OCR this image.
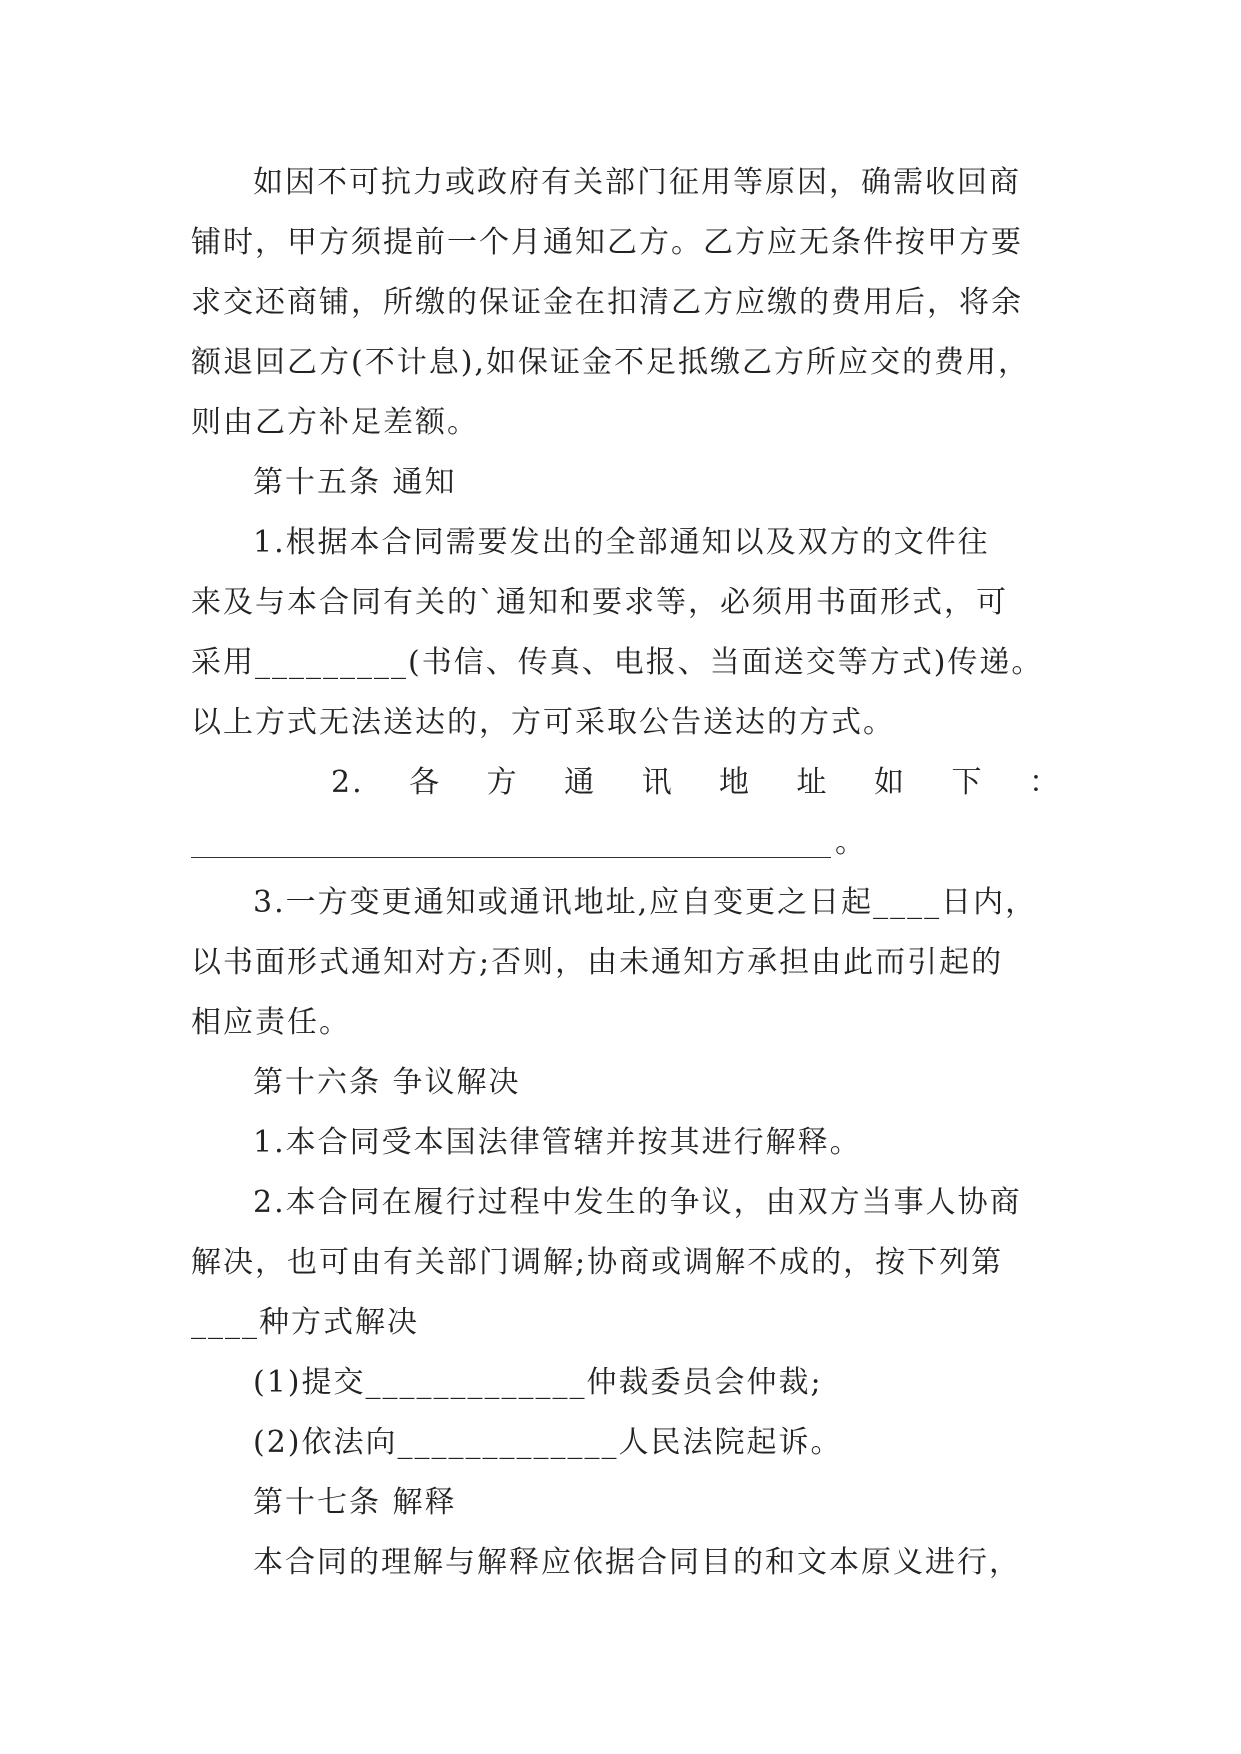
如因不可抗力或政府有关部门征用等原因，确需收回商

铺时，甲方须提前一个月通知乙方。乙方应无条件按甲方要

求交还商铺，所缴的保证金在扣清乙方应缴的费用后，将余

额退回乙方(不计息),如保证金不足抵缴乙方所应交的费用，

则由乙方补足差额。

第十五条 通知

1.根据本合同需要发出的全部通知以及双方的文件往

来及与本合同有关的`通知和要求等，必须用书面形式，可

采用_________(书信、传真、电报、当面送交等方式)传递。

以上方式无法送达的，方可采取公告送达的方式。

2. 各 方 通 讯 地 址 如 下 ：

。

3.一方变更通知或通讯地址,应自变更之日起____日内，

以书面形式通知对方;否则，由未通知方承担由此而引起的

相应责任。

第十六条 争议解决

1.本合同受本国法律管辖并按其进行解释。

2.本合同在履行过程中发生的争议，由双方当事人协商

解决，也可由有关部门调解;协商或调解不成的，按下列第

____种方式解决

(1)提交_____________仲裁委员会仲裁;

(2)依法向_____________人民法院起诉。

第十七条 解释

本合同的理解与解释应依据合同目的和文本原义进行，
